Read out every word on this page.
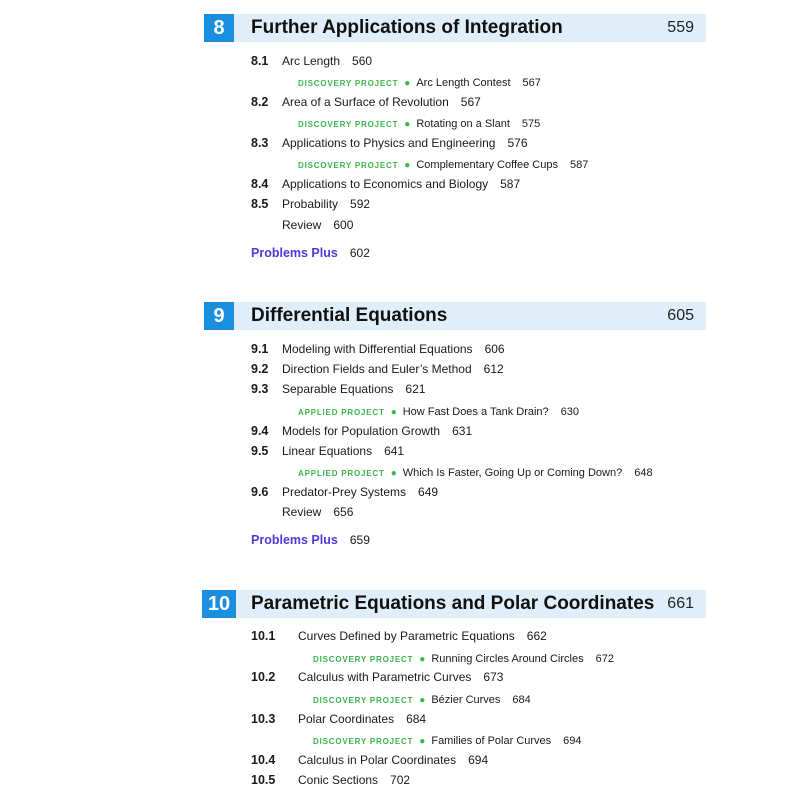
8	Further Applications of Integration	559
8.1 Arc Length 560
DISCOVERY PROJECT ● Arc Length Contest 567
8.2 Area of a Surface of Revolution 567
DISCOVERY PROJECT ● Rotating on a Slant 575
8.3 Applications to Physics and Engineering 576
DISCOVERY PROJECT ● Complementary Coffee Cups 587
8.4 Applications to Economics and Biology 587
8.5 Probability 592
Review 600
Problems Plus 602
9	Differential Equations	605
9.1 Modeling with Differential Equations 606
9.2 Direction Fields and Euler’s Method 612
9.3 Separable Equations 621
APPLIED PROJECT ● How Fast Does a Tank Drain? 630
9.4 Models for Population Growth 631
9.5 Linear Equations 641
APPLIED PROJECT ● Which Is Faster, Going Up or Coming Down? 648
9.6 Predator-Prey Systems 649
Review 656
Problems Plus 659
10	Parametric Equations and Polar Coordinates 661
10.1 Curves Defined by Parametric Equations 662
DISCOVERY PROJECT ● Running Circles Around Circles 672
10.2 Calculus with Parametric Curves 673
DISCOVERY PROJECT ● Bézier Curves 684
10.3 Polar Coordinates 684
DISCOVERY PROJECT ● Families of Polar Curves 694
10.4 Calculus in Polar Coordinates 694
10.5 Conic Sections 702
